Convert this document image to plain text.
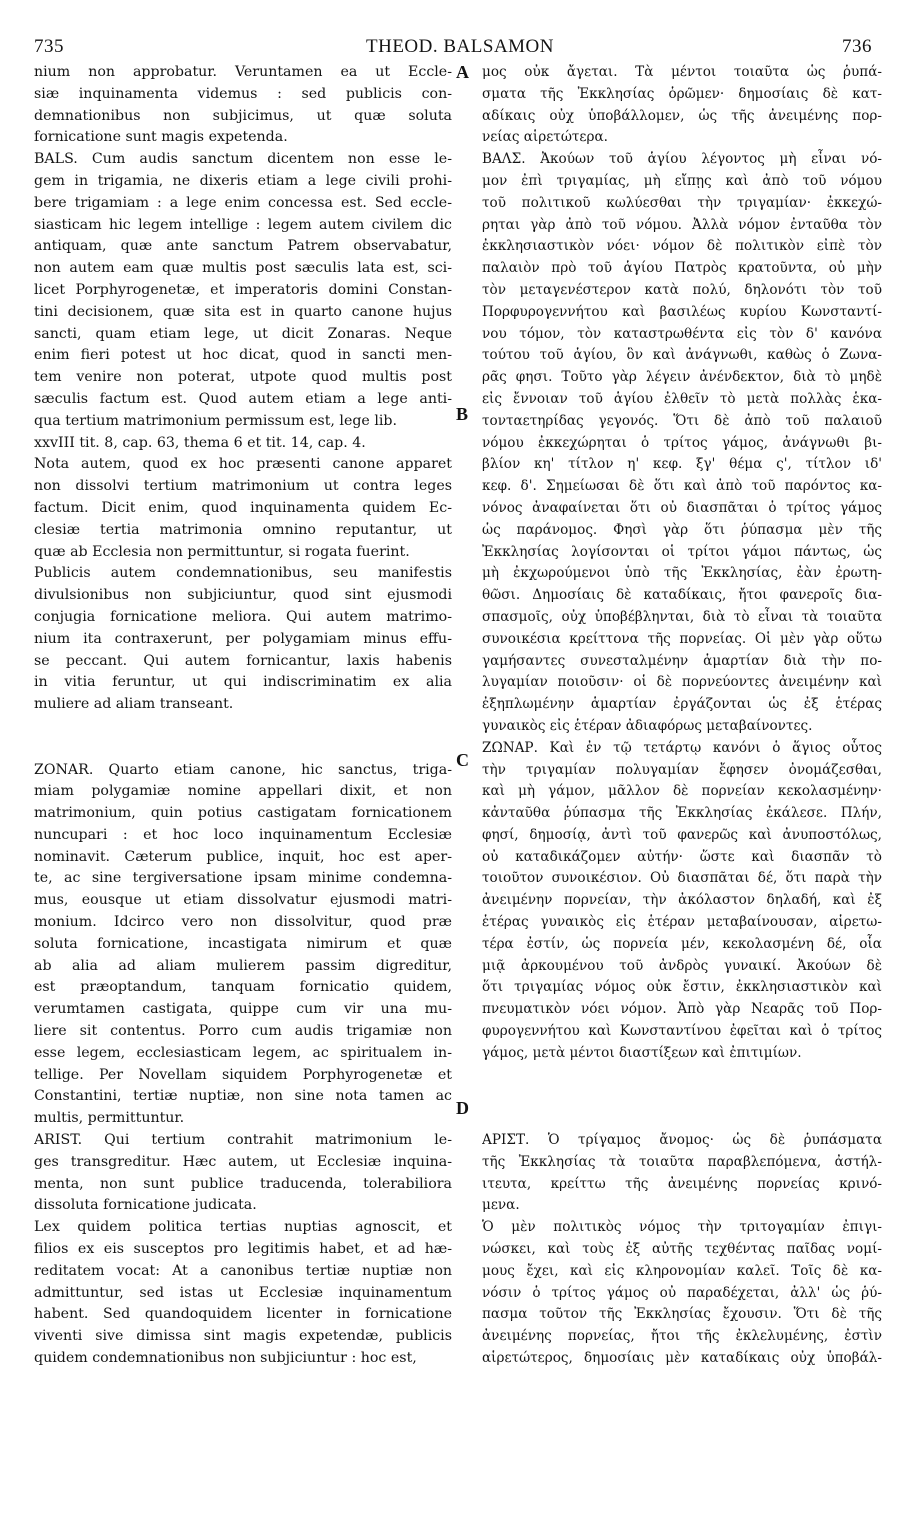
735	THEOD. BALSAMON	736
nium non approbatur. Veruntamen ea ut Eccle-
siæ inquinamenta videmus : sed publicis con-
demnationibus non subjicimus, ut quæ soluta
fornicatione sunt magis expetenda.
BALS. Cum audis sanctum dicentem non esse le-
gem in trigamia, ne dixeris etiam a lege civili prohi-
bere trigamiam : a lege enim concessa est. Sed eccle-
siasticam hic legem intellige : legem autem civilem dic
antiquam, quæ ante sanctum Patrem observabatur,
non autem eam quæ multis post sæculis lata est, sci-
licet Porphyrogenetæ, et imperatoris domini Constan-
tini decisionem, quæ sita est in quarto canone hujus
sancti, quam etiam lege, ut dicit Zonaras. Neque
enim fieri potest ut hoc dicat, quod in sancti men-
tem venire non poterat, utpote quod multis post
sæculis factum est. Quod autem etiam a lege anti-
qua tertium matrimonium permissum est, lege lib.
xxvIII tit. 8, cap. 63, thema 6 et tit. 14, cap. 4.
Nota autem, quod ex hoc præsenti canone apparet
non dissolvi tertium matrimonium ut contra leges
factum. Dicit enim, quod inquinamenta quidem Ec-
clesiæ tertia matrimonia omnino reputantur, ut
quæ ab Ecclesia non permittuntur, si rogata fuerint.
Publicis autem condemnationibus, seu manifestis
divulsionibus non subjiciuntur, quod sint ejusmodi
conjugia fornicatione meliora. Qui autem matrimo-
nium ita contraxerunt, per polygamiam minus effu-
se peccant. Qui autem fornicantur, laxis habenis
in vitia feruntur, ut qui indiscriminatim ex alia
muliere ad aliam transeant.
ZONAR. Quarto etiam canone, hic sanctus, triga-
miam polygamiæ nomine appellari dixit, et non
matrimonium, quin potius castigatam fornicationem
nuncupari : et hoc loco inquinamentum Ecclesiæ
nominavit. Cæterum publice, inquit, hoc est aper-
te, ac sine tergiversatione ipsam minime condemna-
mus, eousque ut etiam dissolvatur ejusmodi matri-
monium. Idcirco vero non dissolvitur, quod præ
soluta fornicatione, incastigata nimirum et quæ
ab alia ad aliam mulierem passim digreditur,
est præoptandum, tanquam fornicatio quidem,
verumtamen castigata, quippe cum vir una mu-
liere sit contentus. Porro cum audis trigamiæ non
esse legem, ecclesiasticam legem, ac spiritualem in-
tellige. Per Novellam siquidem Porphyrogenetæ et
Constantini, tertiæ nuptiæ, non sine nota tamen ac
multis, permittuntur.
ARIST. Qui tertium contrahit matrimonium le-
ges transgreditur. Hæc autem, ut Ecclesiæ inquina-
menta, non sunt publice traducenda, tolerabiliora
dissoluta fornicatione judicata.
Lex quidem politica tertias nuptias agnoscit, et
filios ex eis susceptos pro legitimis habet, et ad hæ-
reditatem vocat: At a canonibus tertiæ nuptiæ non
admittuntur, sed istas ut Ecclesiæ inquinamentum
habent. Sed quandoquidem licenter in fornicatione
viventi sive dimissa sint magis expetendæ, publicis
quidem condemnationibus non subjiciuntur : hoc est,
μος οὐκ ἄγεται. Τὰ μέντοι τοιαῦτα ὡς ῥυπά-
σματα τῆς Ἐκκλησίας ὁρῶμεν· δημοσίαις δὲ κατ-
αδίκαις οὐχ ὑποβάλλομεν, ὡς τῆς ἀνειμένης πορ-
νείας αἱρετώτερα.
ΒΑΛΣ. Ἀκούων τοῦ ἁγίου λέγοντος μὴ εἶναι νό-
μον ἐπὶ τριγαμίας, μὴ εἴπῃς καὶ ἀπὸ τοῦ νόμου
τοῦ πολιτικοῦ κωλύεσθαι τὴν τριγαμίαν· ἐκκεχώ-
ρηται γὰρ ἀπὸ τοῦ νόμου. Ἀλλὰ νόμον ἐνταῦθα τὸν
ἐκκλησιαστικὸν νόει· νόμον δὲ πολιτικὸν εἰπὲ τὸν
παλαιὸν πρὸ τοῦ ἁγίου Πατρὸς κρατοῦντα, οὐ μὴν
τὸν μεταγενέστερον κατὰ πολύ, δηλονότι τὸν τοῦ
Πορφυρογεννήτου καὶ βασιλέως κυρίου Κωνσταντί-
νου τόμον, τὸν καταστρωθέντα εἰς τὸν δ' κανόνα
τούτου τοῦ ἁγίου, ὃν καὶ ἀνάγνωθι, καθὼς ὁ Ζωνα-
ρᾶς φησι. Τοῦτο γὰρ λέγειν ἀνένδεκτον, διὰ τὸ μηδὲ
εἰς ἔννοιαν τοῦ ἁγίου ἐλθεῖν τὸ μετὰ πολλὰς ἑκα-
τονταετηρίδας γεγονός. Ὅτι δὲ ἀπὸ τοῦ παλαιοῦ
νόμου ἐκκεχώρηται ὁ τρίτος γάμος, ἀνάγνωθι βι-
βλίον κη' τίτλον η' κεφ. ξγ' θέμα ς', τίτλον ιδ'
κεφ. δ'. Σημείωσαι δὲ ὅτι καὶ ἀπὸ τοῦ παρόντος κα-
νόνος ἀναφαίνεται ὅτι οὐ διασπᾶται ὁ τρίτος γάμος
ὡς παράνομος. Φησὶ γὰρ ὅτι ῥύπασμα μὲν τῆς
Ἐκκλησίας λογίσονται οἱ τρίτοι γάμοι πάντως, ὡς
μὴ ἐκχωρούμενοι ὑπὸ τῆς Ἐκκλησίας, ἐὰν ἐρωτη-
θῶσι. Δημοσίαις δὲ καταδίκαις, ἤτοι φανεροῖς δια-
σπασμοῖς, οὐχ ὑποβέβληνται, διὰ τὸ εἶναι τὰ τοιαῦτα
συνοικέσια κρείττονα τῆς πορνείας. Οἱ μὲν γὰρ οὕτω
γαμήσαντες συνεσταλμένην ἁμαρτίαν διὰ τὴν πο-
λυγαμίαν ποιοῦσιν· οἱ δὲ πορνεύοντες ἀνειμένην καὶ
ἐξηπλωμένην ἁμαρτίαν ἐργάζονται ὡς ἐξ ἑτέρας
γυναικὸς εἰς ἑτέραν ἀδιαφόρως μεταβαίνοντες.
ΖΩΝΑΡ. Καὶ ἐν τῷ τετάρτῳ κανόνι ὁ ἅγιος οὗτος
τὴν τριγαμίαν πολυγαμίαν ἔφησεν ὀνομάζεσθαι,
καὶ μὴ γάμον, μᾶλλον δὲ πορνείαν κεκολασμένην·
κἀνταῦθα ῥύπασμα τῆς Ἐκκλησίας ἐκάλεσε. Πλήν,
φησί, δημοσίᾳ, ἀντὶ τοῦ φανερῶς καὶ ἀνυποστόλως,
οὐ καταδικάζομεν αὐτήν· ὥστε καὶ διασπᾶν τὸ
τοιοῦτον συνοικέσιον. Οὐ διασπᾶται δέ, ὅτι παρὰ τὴν
ἀνειμένην πορνείαν, τὴν ἀκόλαστον δηλαδή, καὶ ἐξ
ἑτέρας γυναικὸς εἰς ἑτέραν μεταβαίνουσαν, αἱρετω-
τέρα ἐστίν, ὡς πορνεία μέν, κεκολασμένη δέ, οἷα
μιᾷ ἀρκουμένου τοῦ ἀνδρὸς γυναικί. Ἀκούων δὲ
ὅτι τριγαμίας νόμος οὐκ ἔστιν, ἐκκλησιαστικὸν καὶ
πνευματικὸν νόει νόμον. Ἀπὸ γὰρ Νεαρᾶς τοῦ Πορ-
φυρογεννήτου καὶ Κωνσταντίνου ἐφεῖται καὶ ὁ τρίτος
γάμος, μετὰ μέντοι διαστίξεων καὶ ἐπιτιμίων.
ΑΡΙΣΤ. Ὁ τρίγαμος ἄνομος· ὡς δὲ ῥυπάσματα
τῆς Ἐκκλησίας τὰ τοιαῦτα παραβλεπόμενα, ἀστήλ-
ιτευτα, κρείττω τῆς ἀνειμένης πορνείας κρινό-
μενα.
Ὁ μὲν πολιτικὸς νόμος τὴν τριτογαμίαν ἐπιγι-
νώσκει, καὶ τοὺς ἐξ αὐτῆς τεχθέντας παῖδας νομί-
μους ἔχει, καὶ εἰς κληρονομίαν καλεῖ. Τοῖς δὲ κα-
νόσιν ὁ τρίτος γάμος οὐ παραδέχεται, ἀλλ' ὡς ῥύ-
πασμα τοῦτον τῆς Ἐκκλησίας ἔχουσιν. Ὅτι δὲ τῆς
ἀνειμένης πορνείας, ἤτοι τῆς ἐκλελυμένης, ἐστὶν
αἱρετώτερος, δημοσίαις μὲν καταδίκαις οὐχ ὑποβάλ-
A
B
C
D
